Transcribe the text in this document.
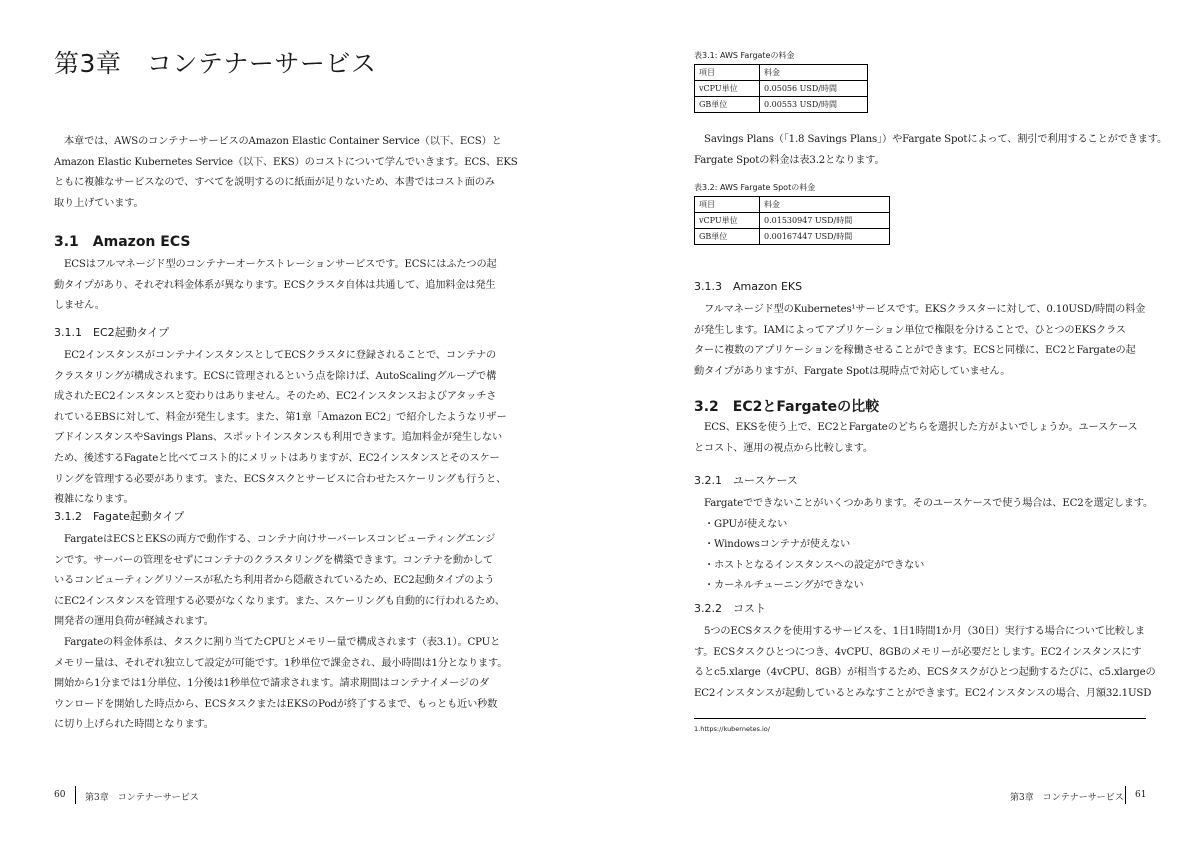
第3章　コンテナーサービス
本章では、AWSのコンテナーサービスのAmazon Elastic Container Service（以下、ECS）と
Amazon Elastic Kubernetes Service（以下、EKS）のコストについて学んでいきます。ECS、EKS
ともに複雑なサービスなので、すべてを説明するのに紙面が足りないため、本書ではコスト面のみ
取り上げています。
3.1　Amazon ECS
ECSはフルマネージド型のコンテナーオーケストレーションサービスです。ECSにはふたつの起
動タイプがあり、それぞれ料金体系が異なります。ECSクラスタ自体は共通して、追加料金は発生
しません。
3.1.1　EC2起動タイプ
EC2インスタンスがコンテナインスタンスとしてECSクラスタに登録されることで、コンテナの
クラスタリングが構成されます。ECSに管理されるという点を除けば、AutoScalingグループで構
成されたEC2インスタンスと変わりはありません。そのため、EC2インスタンスおよびアタッチさ
れているEBSに対して、料金が発生します。また、第1章「Amazon EC2」で紹介したようなリザー
ブドインスタンスやSavings Plans、スポットインスタンスも利用できます。追加料金が発生しない
ため、後述するFagateと比べてコスト的にメリットはありますが、EC2インスタンスとそのスケー
リングを管理する必要があります。また、ECSタスクとサービスに合わせたスケーリングも行うと、
複雑になります。
3.1.2　Fagate起動タイプ
FargateはECSとEKSの両方で動作する、コンテナ向けサーバーレスコンピューティングエンジ
ンです。サーバーの管理をせずにコンテナのクラスタリングを構築できます。コンテナを動かして
いるコンピューティングリソースが私たち利用者から隠蔽されているため、EC2起動タイプのよう
にEC2インスタンスを管理する必要がなくなります。また、スケーリングも自動的に行われるため、
開発者の運用負荷が軽減されます。
Fargateの料金体系は、タスクに割り当てたCPUとメモリー量で構成されます（表3.1）。CPUと
メモリー量は、それぞれ独立して設定が可能です。1秒単位で課金され、最小時間は1分となります。
開始から1分までは1分単位、1分後は1秒単位で請求されます。請求期間はコンテナイメージのダ
ウンロードを開始した時点から、ECSタスクまたはEKSのPodが終了するまで、もっとも近い秒数
に切り上げられた時間となります。
60 第3章　コンテナーサービス
表3.1: AWS Fargateの料金
項目	料金
vCPU単位	0.05056 USD/時間
GB単位	0.00553 USD/時間
Savings Plans（「1.8 Savings Plans」）やFargate Spotによって、割引で利用することができます。
Fargate Spotの料金は表3.2となります。
表3.2: AWS Fargate Spotの料金
項目	料金
vCPU単位	0.01530947 USD/時間
GB単位	0.00167447 USD/時間
3.1.3　Amazon EKS
フルマネージド型のKubernetes¹サービスです。EKSクラスターに対して、0.10USD/時間の料金
が発生します。IAMによってアプリケーション単位で権限を分けることで、ひとつのEKSクラス
ターに複数のアプリケーションを稼働させることができます。ECSと同様に、EC2とFargateの起
動タイプがありますが、Fargate Spotは現時点で対応していません。
3.2　EC2とFargateの比較
ECS、EKSを使う上で、EC2とFargateのどちらを選択した方がよいでしょうか。ユースケース
とコスト、運用の視点から比較します。
3.2.1　ユースケース
Fargateでできないことがいくつかあります。そのユースケースで使う場合は、EC2を選定します。
・GPUが使えない
・Windowsコンテナが使えない
・ホストとなるインスタンスへの設定ができない
・カーネルチューニングができない
3.2.2　コスト
5つのECSタスクを使用するサービスを、1日1時間1か月（30日）実行する場合について比較しま
す。ECSタスクひとつにつき、4vCPU、8GBのメモリーが必要だとします。EC2インスタンスにす
るとc5.xlarge（4vCPU、8GB）が相当するため、ECSタスクがひとつ起動するたびに、c5.xlargeの
EC2インスタンスが起動しているとみなすことができます。EC2インスタンスの場合、月額32.1USD
第3章　コンテナーサービス 61
1.https://kubernetes.io/
